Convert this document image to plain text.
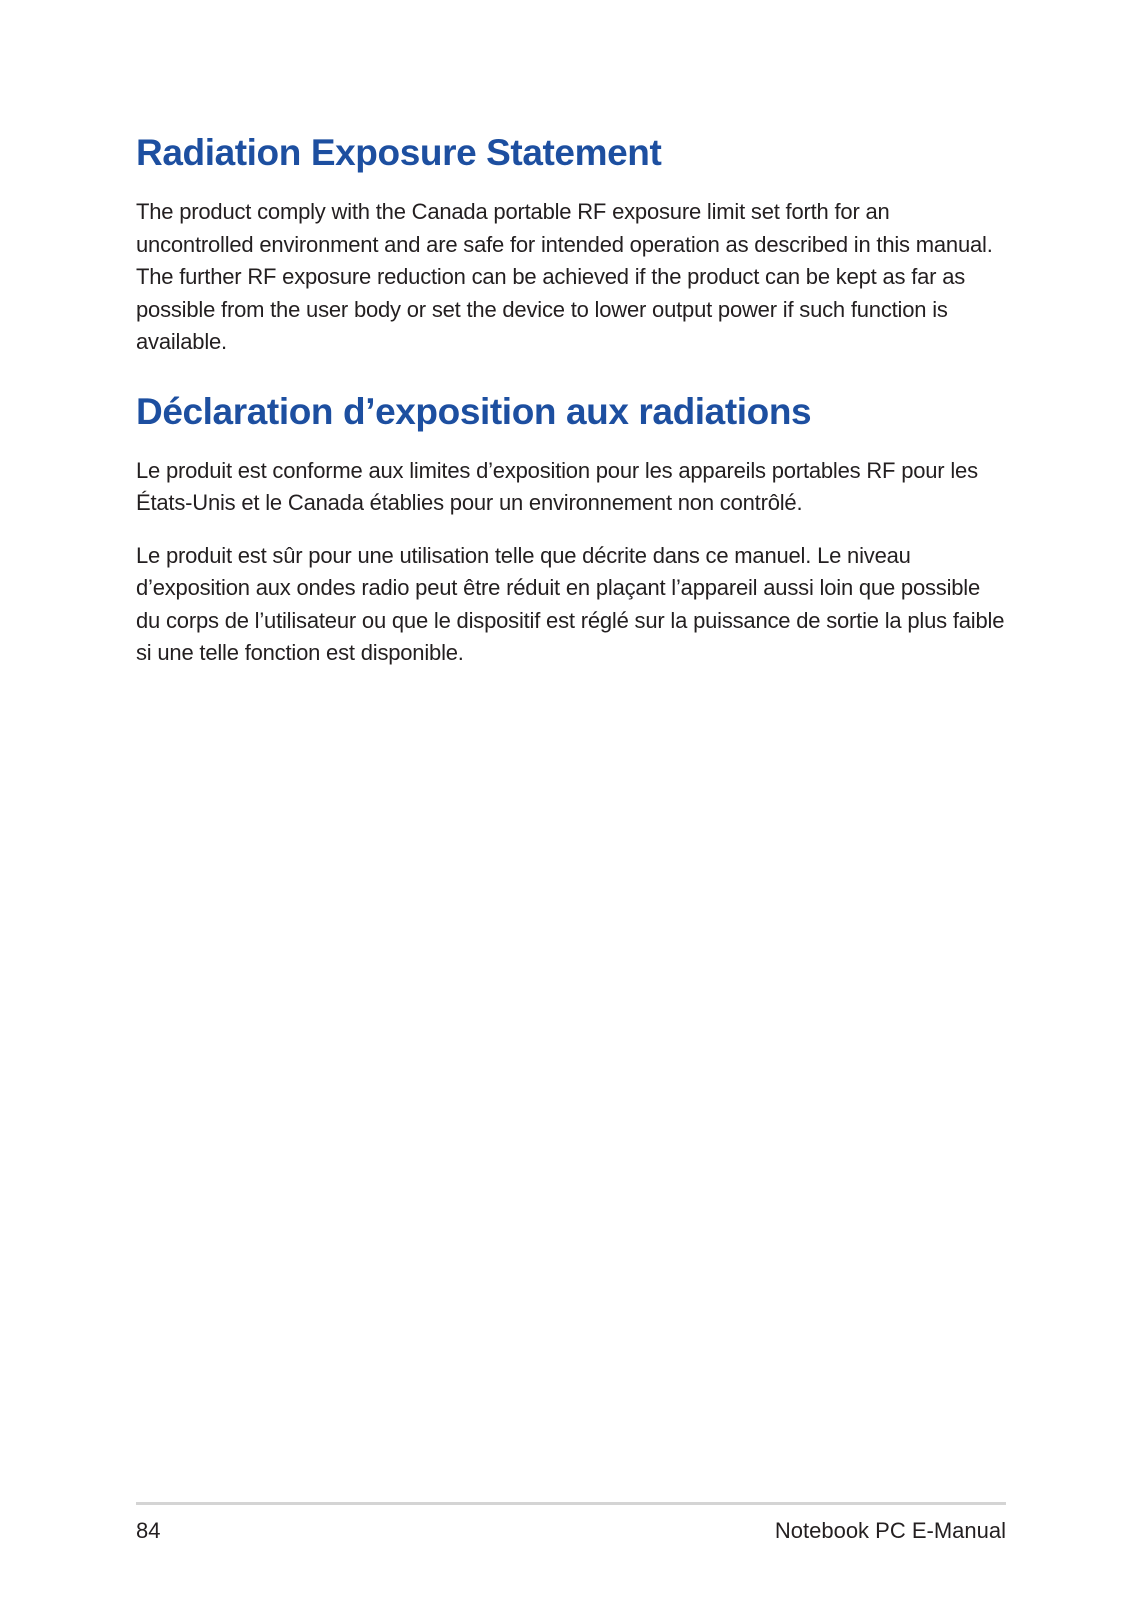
Radiation Exposure Statement

The product comply with the Canada portable RF exposure limit set forth for an uncontrolled environment and are safe for intended operation as described in this manual. The further RF exposure reduction can be achieved if the product can be kept as far as possible from the user body or set the device to lower output power if such function is available.

Déclaration d’exposition aux radiations

Le produit est conforme aux limites d’exposition pour les appareils portables RF pour les États-Unis et le Canada établies pour un environnement non contrôlé.

Le produit est sûr pour une utilisation telle que décrite dans ce manuel. Le niveau d’exposition aux ondes radio peut être réduit en plaçant l’appareil aussi loin que possible du corps de l’utilisateur ou que le dispositif est réglé sur la puissance de sortie la plus faible si une telle fonction est disponible.

84	Notebook PC E-Manual
